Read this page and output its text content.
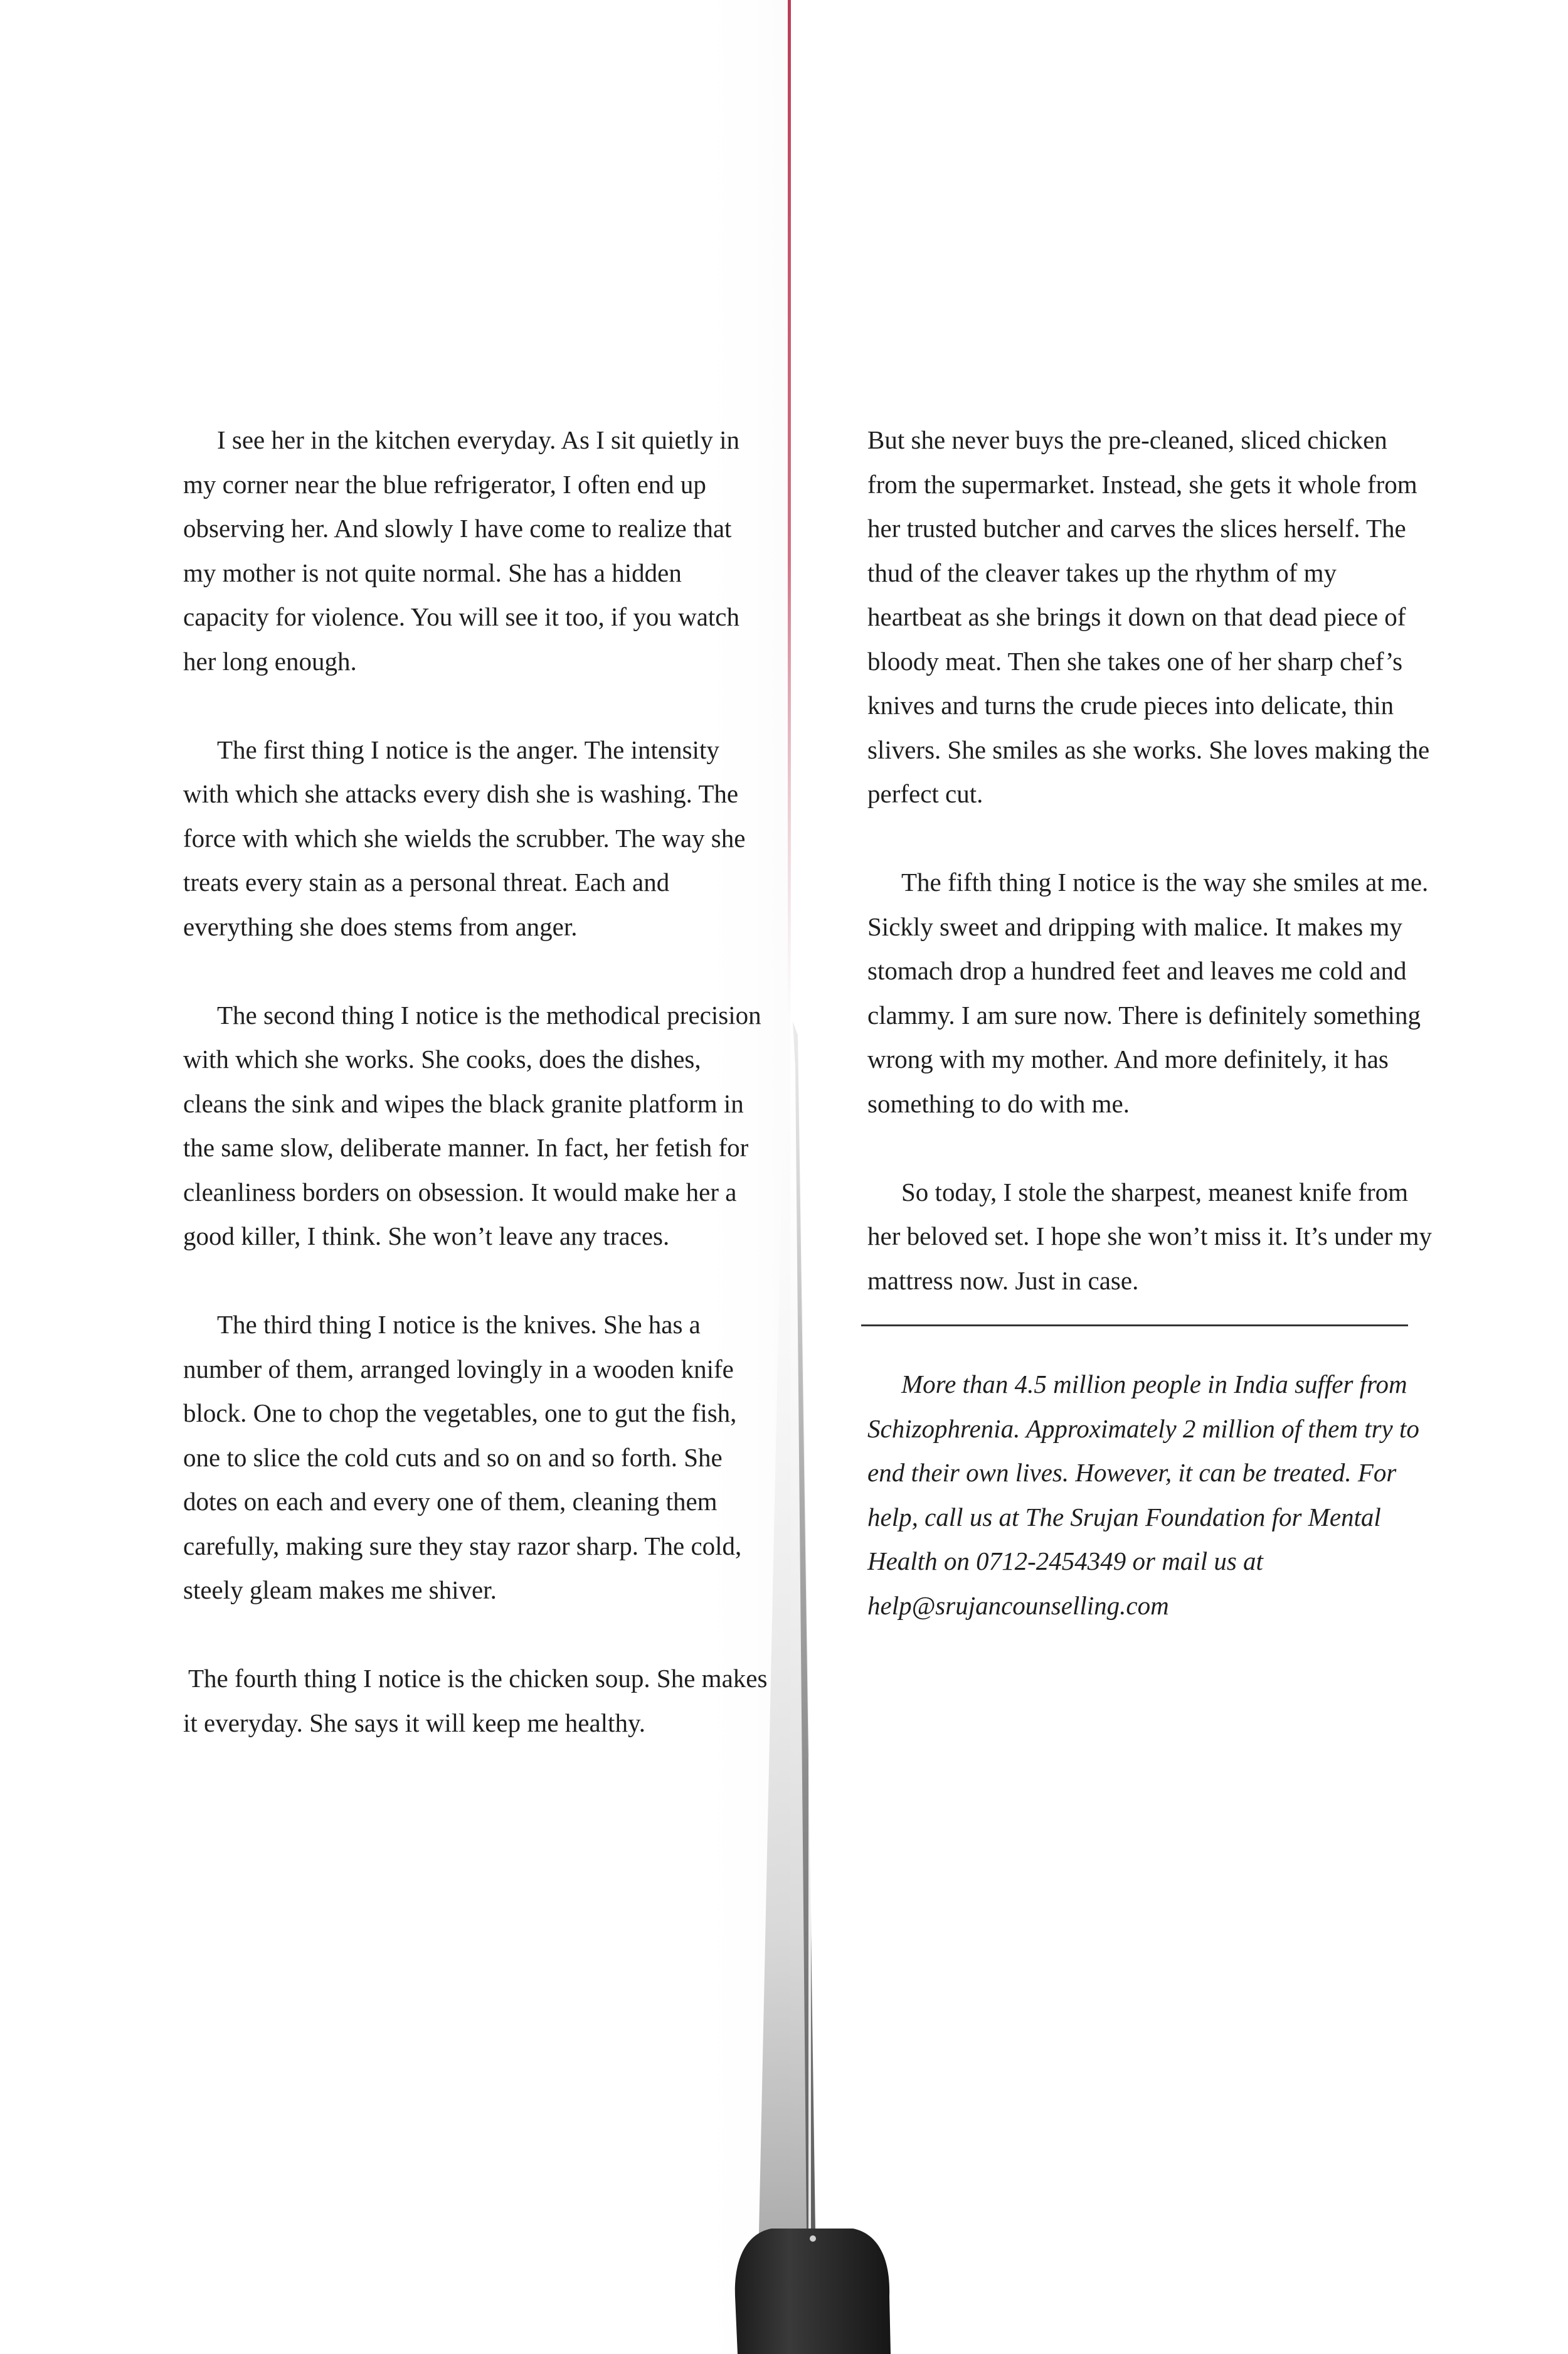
I see her in the kitchen everyday. As I sit quietly in my corner near the blue refrigerator, I often end up observing her. And slowly I have come to realize that my mother is not quite normal. She has a hidden capacity for violence. You will see it too, if you watch her long enough.

The first thing I notice is the anger. The intensity with which she attacks every dish she is washing. The force with which she wields the scrubber. The way she treats every stain as a personal threat. Each and everything she does stems from anger.

The second thing I notice is the methodical precision with which she works. She cooks, does the dishes, cleans the sink and wipes the black granite platform in the same slow, deliberate manner. In fact, her fetish for cleanliness borders on obsession. It would make her a good killer, I think. She won’t leave any traces.

The third thing I notice is the knives. She has a number of them, arranged lovingly in a wooden knife block. One to chop the vegetables, one to gut the fish, one to slice the cold cuts and so on and so forth. She dotes on each and every one of them, cleaning them carefully, making sure they stay razor sharp. The cold, steely gleam makes me shiver.

The fourth thing I notice is the chicken soup. She makes it everyday. She says it will keep me healthy.

But she never buys the pre-cleaned, sliced chicken from the supermarket. Instead, she gets it whole from her trusted butcher and carves the slices herself. The thud of the cleaver takes up the rhythm of my heartbeat as she brings it down on that dead piece of bloody meat. Then she takes one of her sharp chef’s knives and turns the crude pieces into delicate, thin slivers. She smiles as she works. She loves making the perfect cut.

The fifth thing I notice is the way she smiles at me. Sickly sweet and dripping with malice. It makes my stomach drop a hundred feet and leaves me cold and clammy. I am sure now. There is definitely something wrong with my mother. And more definitely, it has something to do with me.

So today, I stole the sharpest, meanest knife from her beloved set. I hope she won’t miss it. It’s under my mattress now. Just in case.

More than 4.5 million people in India suffer from Schizophrenia. Approximately 2 million of them try to end their own lives. However, it can be treated. For help, call us at The Srujan Foundation for Mental Health on 0712-2454349 or mail us at help@srujancounselling.com
